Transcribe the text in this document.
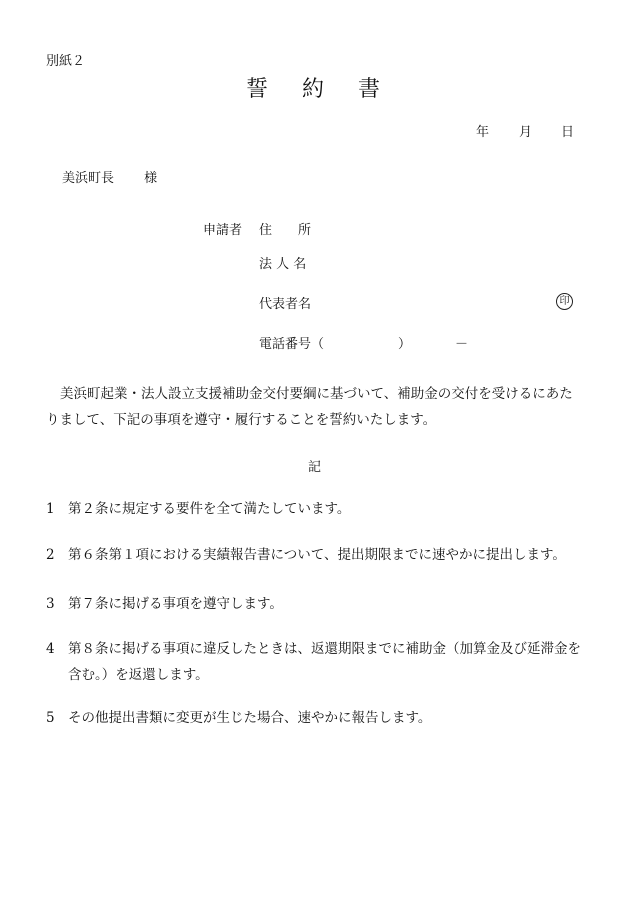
別紙２
誓 約 書
年 月 日
美浜町長 様
申請者 住　　所
法 人 名
代表者名	印
電話番号（	）	－
美浜町起業・法人設立支援補助金交付要綱に基づいて、補助金の交付を受けるにあたりまして、下記の事項を遵守・履行することを誓約いたします。
記
1 第２条に規定する要件を全て満たしています。
2 第６条第１項における実績報告書について、提出期限までに速やかに提出します。
3 第７条に掲げる事項を遵守します。
4 第８条に掲げる事項に違反したときは、返還期限までに補助金（加算金及び延滞金を含む。）を返還します。
5 その他提出書類に変更が生じた場合、速やかに報告します。
